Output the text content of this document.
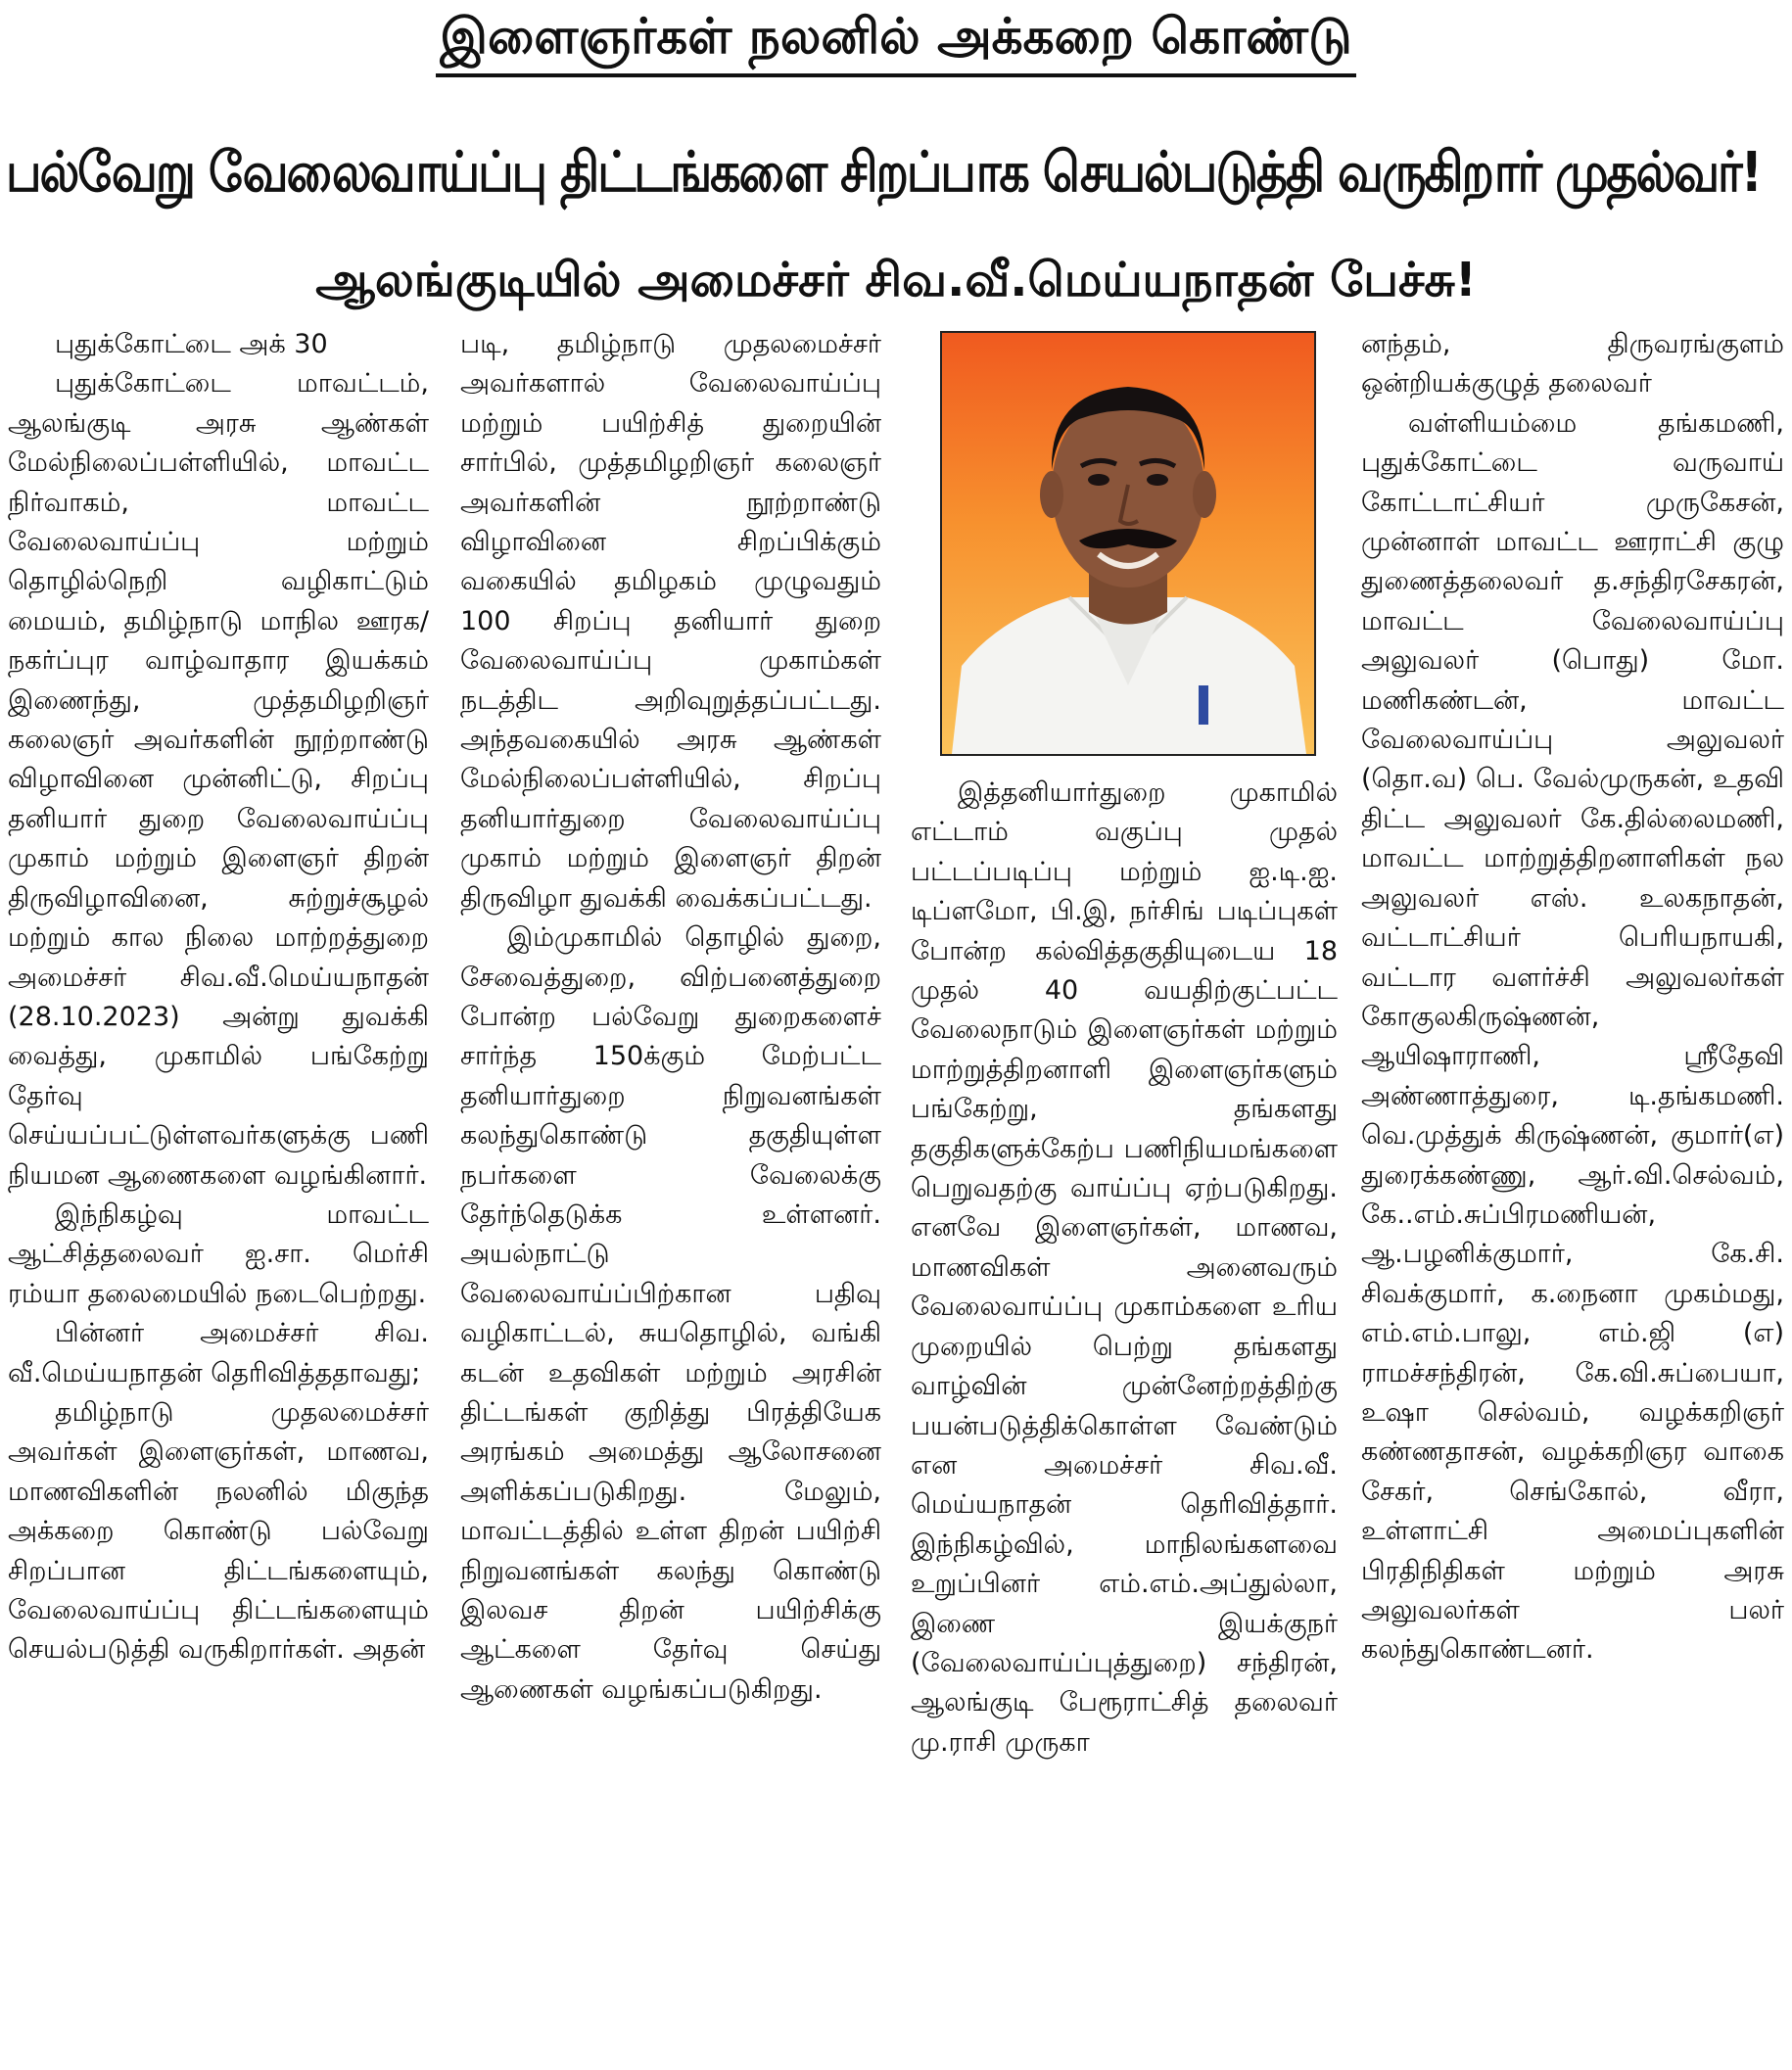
இளைஞர்கள் நலனில் அக்கறை கொண்டு
பல்வேறு வேலைவாய்ப்பு திட்டங்களை சிறப்பாக செயல்படுத்தி வருகிறார் முதல்வர்!
ஆலங்குடியில் அமைச்சர் சிவ.வீ.மெய்யநாதன் பேச்சு!

புதுக்கோட்டை அக் 30

புதுக்கோட்டை மாவட்டம், ஆலங்குடி அரசு ஆண்கள் மேல்நிலைப்பள்ளியில், மாவட்ட நிர்வாகம், மாவட்ட வேலைவாய்ப்பு மற்றும் தொழில்நெறி வழிகாட்டும் மையம், தமிழ்நாடு மாநில ஊரக/நகர்ப்புர வாழ்வாதார இயக்கம் இணைந்து, முத்தமிழறிஞர் கலைஞர் அவர்களின் நூற்றாண்டு விழாவினை முன்னிட்டு, சிறப்பு தனியார் துறை வேலைவாய்ப்பு முகாம் மற்றும் இளைஞர் திறன் திருவிழாவினை, சுற்றுச்சூழல் மற்றும் கால நிலை மாற்றத்துறை அமைச்சர் சிவ.வீ.மெய்யநாதன் (28.10.2023) அன்று துவக்கி வைத்து, முகாமில் பங்கேற்று தேர்வு செய்யப்பட்டுள்ளவர்களுக்கு பணி நியமன ஆணைகளை வழங்கினார்.

இந்நிகழ்வு மாவட்ட ஆட்சித்தலைவர் ஐ.சா. மெர்சி ரம்யா தலைமையில் நடைபெற்றது.

பின்னர் அமைச்சர் சிவ. வீ.மெய்யநாதன் தெரிவித்ததாவது;

தமிழ்நாடு முதலமைச்சர் அவர்கள் இளைஞர்கள், மாணவ, மாணவிகளின் நலனில் மிகுந்த அக்கறை கொண்டு பல்வேறு சிறப்பான திட்டங்களையும், வேலைவாய்ப்பு திட்டங்களையும் செயல்படுத்தி வருகிறார்கள். அதன்

படி, தமிழ்நாடு முதலமைச்சர் அவர்களால் வேலைவாய்ப்பு மற்றும் பயிற்சித் துறையின் சார்பில், முத்தமிழறிஞர் கலைஞர் அவர்களின் நூற்றாண்டு விழாவினை சிறப்பிக்கும் வகையில் தமிழகம் முழுவதும் 100 சிறப்பு தனியார் துறை வேலைவாய்ப்பு முகாம்கள் நடத்திட அறிவுறுத்தப்பட்டது. அந்தவகையில் அரசு ஆண்கள் மேல்நிலைப்பள்ளியில், சிறப்பு தனியார்துறை வேலைவாய்ப்பு முகாம் மற்றும் இளைஞர் திறன் திருவிழா துவக்கி வைக்கப்பட்டது.

இம்முகாமில் தொழில் துறை, சேவைத்துறை, விற்பனைத்துறை போன்ற பல்வேறு துறைகளைச் சார்ந்த 150க்கும் மேற்பட்ட தனியார்துறை நிறுவனங்கள் கலந்துகொண்டு தகுதியுள்ள நபர்களை வேலைக்கு தேர்ந்தெடுக்க உள்ளனர். அயல்நாட்டு வேலைவாய்ப்பிற்கான பதிவு வழிகாட்டல், சுயதொழில், வங்கி கடன் உதவிகள் மற்றும் அரசின் திட்டங்கள் குறித்து பிரத்தியேக அரங்கம் அமைத்து ஆலோசனை அளிக்கப்படுகிறது. மேலும், மாவட்டத்தில் உள்ள திறன் பயிற்சி நிறுவனங்கள் கலந்து கொண்டு இலவச திறன் பயிற்சிக்கு ஆட்களை தேர்வு செய்து ஆணைகள் வழங்கப்படுகிறது.

இத்தனியார்துறை முகாமில் எட்டாம் வகுப்பு முதல் பட்டப்படிப்பு மற்றும் ஐ.டி.ஐ. டிப்ளமோ, பி.இ, நர்சிங் படிப்புகள் போன்ற கல்வித்தகுதியுடைய 18 முதல் 40 வயதிற்குட்பட்ட வேலைநாடும் இளைஞர்கள் மற்றும் மாற்றுத்திறனாளி இளைஞர்களும் பங்கேற்று, தங்களது தகுதிகளுக்கேற்ப பணிநியமங்களை பெறுவதற்கு வாய்ப்பு ஏற்படுகிறது. எனவே இளைஞர்கள், மாணவ, மாணவிகள் அனைவரும் வேலைவாய்ப்பு முகாம்களை உரிய முறையில் பெற்று தங்களது வாழ்வின் முன்னேற்றத்திற்கு பயன்படுத்திக்கொள்ள வேண்டும் என அமைச்சர் சிவ.வீ. மெய்யநாதன் தெரிவித்தார். இந்நிகழ்வில், மாநிலங்களவை உறுப்பினர் எம்.எம்.அப்துல்லா, இணை இயக்குநர் (வேலைவாய்ப்புத்துறை) சந்திரன், ஆலங்குடி பேரூராட்சித் தலைவர் மு.ராசி முருகா

னந்தம், திருவரங்குளம் ஒன்றியக்குழுத் தலைவர்

வள்ளியம்மை தங்கமணி, புதுக்கோட்டை வருவாய் கோட்டாட்சியர் முருகேசன், முன்னாள் மாவட்ட ஊராட்சி குழு துணைத்தலைவர் த.சந்திரசேகரன், மாவட்ட வேலைவாய்ப்பு அலுவலர் (பொது) மோ. மணிகண்டன், மாவட்ட வேலைவாய்ப்பு அலுவலர் (தொ.வ) பெ. வேல்முருகன், உதவி திட்ட அலுவலர் கே.தில்லைமணி, மாவட்ட மாற்றுத்திறனாளிகள் நல அலுவலர் எஸ். உலகநாதன், வட்டாட்சியர் பெரியநாயகி, வட்டார வளர்ச்சி அலுவலர்கள் கோகுலகிருஷ்ணன், ஆயிஷாராணி, ஸ்ரீதேவி அண்ணாத்துரை, டி.தங்கமணி. வெ.முத்துக் கிருஷ்ணன், குமார்(எ) துரைக்கண்ணு, ஆர்.வி.செல்வம், கே..எம்.சுப்பிரமணியன், ஆ.பழனிக்குமார், கே.சி. சிவக்குமார், க.நைனா முகம்மது, எம்.எம்.பாலு, எம்.ஜி (எ) ராமச்சந்திரன், கே.வி.சுப்பையா, உஷா செல்வம், வழக்கறிஞர் கண்ணதாசன், வழக்கறிஞர வாகை சேகர், செங்கோல், வீரா, உள்ளாட்சி அமைப்புகளின் பிரதிநிதிகள் மற்றும் அரசு அலுவலர்கள் பலர் கலந்துகொண்டனர்.
